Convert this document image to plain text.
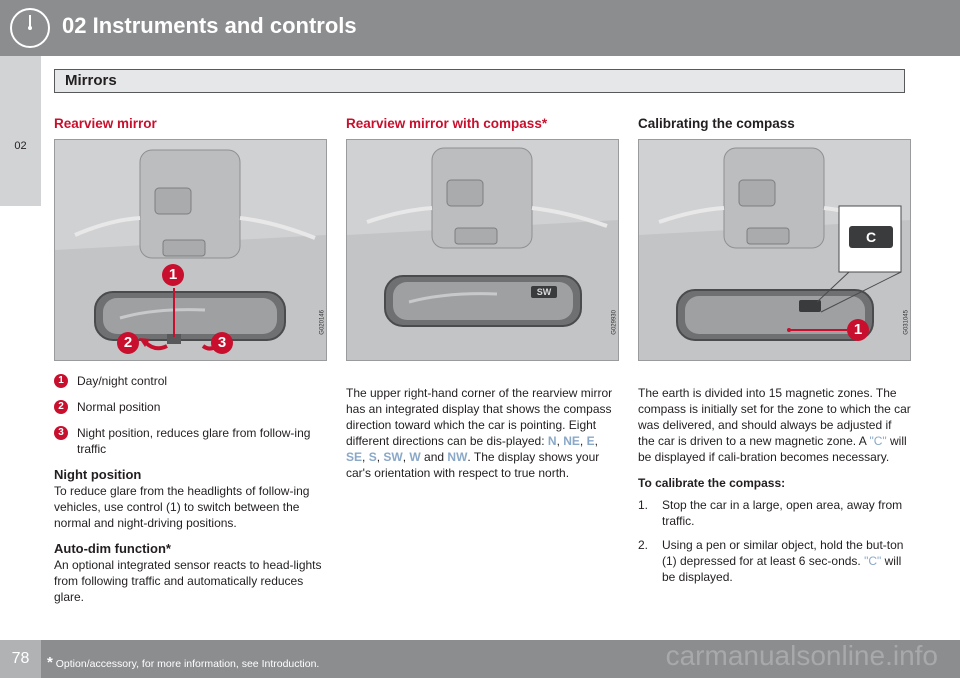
02 Instruments and controls
02
Mirrors
Rearview mirror
1
2	3
G020146
1	Day/night control
2	Normal position
3	Night position, reduces glare from follow-ing traffic
Night position

To reduce glare from the headlights of follow-ing vehicles, use control (1) to switch between the normal and night-driving positions.

Auto-dim function*

An optional integrated sensor reacts to head-lights from following traffic and automatically reduces glare.

Rearview mirror with compass*
SW
G029930

The upper right-hand corner of the rearview mirror has an integrated display that shows the compass direction toward which the car is pointing. Eight different directions can be dis-played: N, NE, E, SE, S, SW, W and NW. The display shows your car's orientation with respect to true north.

Calibrating the compass
C
1	G031045

The earth is divided into 15 magnetic zones. The compass is initially set for the zone to which the car was delivered, and should always be adjusted if the car is driven to a new magnetic zone. A "C" will be displayed if cali-bration becomes necessary.

To calibrate the compass:
1. Stop the car in a large, open area, away from traffic.
2. Using a pen or similar object, hold the but-ton (1) depressed for at least 6 sec-onds. "C" will be displayed.
78	* Option/accessory, for more information, see Introduction.	carmanualsonline.info
